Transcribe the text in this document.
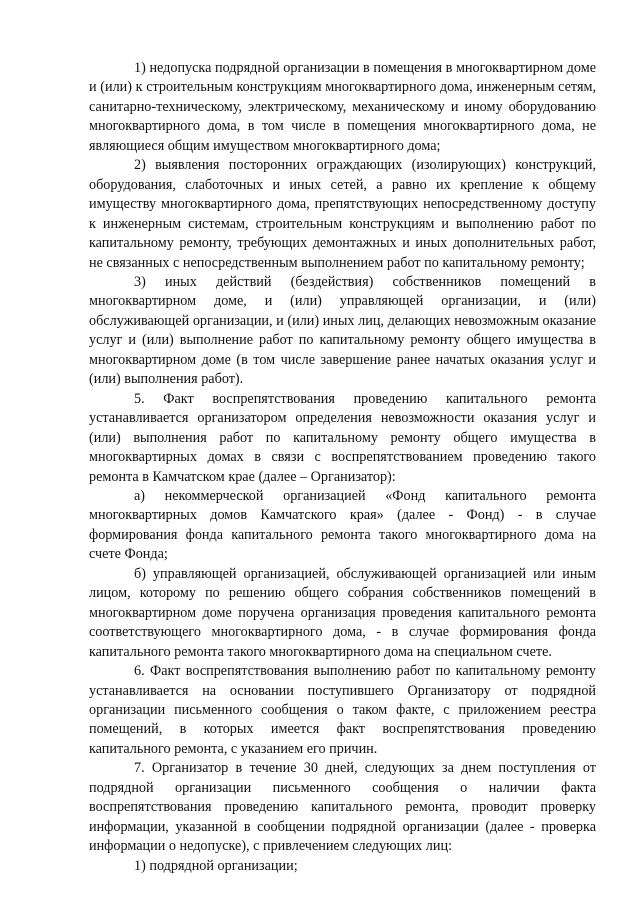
1) недопуска подрядной организации в помещения в многоквартирном доме и (или) к строительным конструкциям многоквартирного дома, инженерным сетям, санитарно-техническому, электрическому, механическому и иному оборудованию многоквартирного дома, в том числе в помещения многоквартирного дома, не являющиеся общим имуществом многоквартирного дома;

2) выявления посторонних ограждающих (изолирующих) конструкций, оборудования, слаботочных и иных сетей, а равно их крепление к общему имуществу многоквартирного дома, препятствующих непосредственному доступу к инженерным системам, строительным конструкциям и выполнению работ по капитальному ремонту, требующих демонтажных и иных дополнительных работ, не связанных с непосредственным выполнением работ по капитальному ремонту;

3) иных действий (бездействия) собственников помещений в многоквартирном доме, и (или) управляющей организации, и (или) обслуживающей организации, и (или) иных лиц, делающих невозможным оказание услуг и (или) выполнение работ по капитальному ремонту общего имущества в многоквартирном доме (в том числе завершение ранее начатых оказания услуг и (или) выполнения работ).

5. Факт воспрепятствования проведению капитального ремонта устанавливается организатором определения невозможности оказания услуг и (или) выполнения работ по капитальному ремонту общего имущества в многоквартирных домах в связи с воспрепятствованием проведению такого ремонта в Камчатском крае (далее – Организатор):

а) некоммерческой организацией «Фонд капитального ремонта многоквартирных домов Камчатского края» (далее - Фонд) - в случае формирования фонда капитального ремонта такого многоквартирного дома на счете Фонда;

б) управляющей организацией, обслуживающей организацией или иным лицом, которому по решению общего собрания собственников помещений в многоквартирном доме поручена организация проведения капитального ремонта соответствующего многоквартирного дома, - в случае формирования фонда капитального ремонта такого многоквартирного дома на специальном счете.

6. Факт воспрепятствования выполнению работ по капитальному ремонту устанавливается на основании поступившего Организатору от подрядной организации письменного сообщения о таком факте, с приложением реестра помещений, в которых имеется факт воспрепятствования проведению капитального ремонта, с указанием его причин.

7. Организатор в течение 30 дней, следующих за днем поступления от подрядной организации письменного сообщения о наличии факта воспрепятствования проведению капитального ремонта, проводит проверку информации, указанной в сообщении подрядной организации (далее - проверка информации о недопуске), с привлечением следующих лиц:

1) подрядной организации;
